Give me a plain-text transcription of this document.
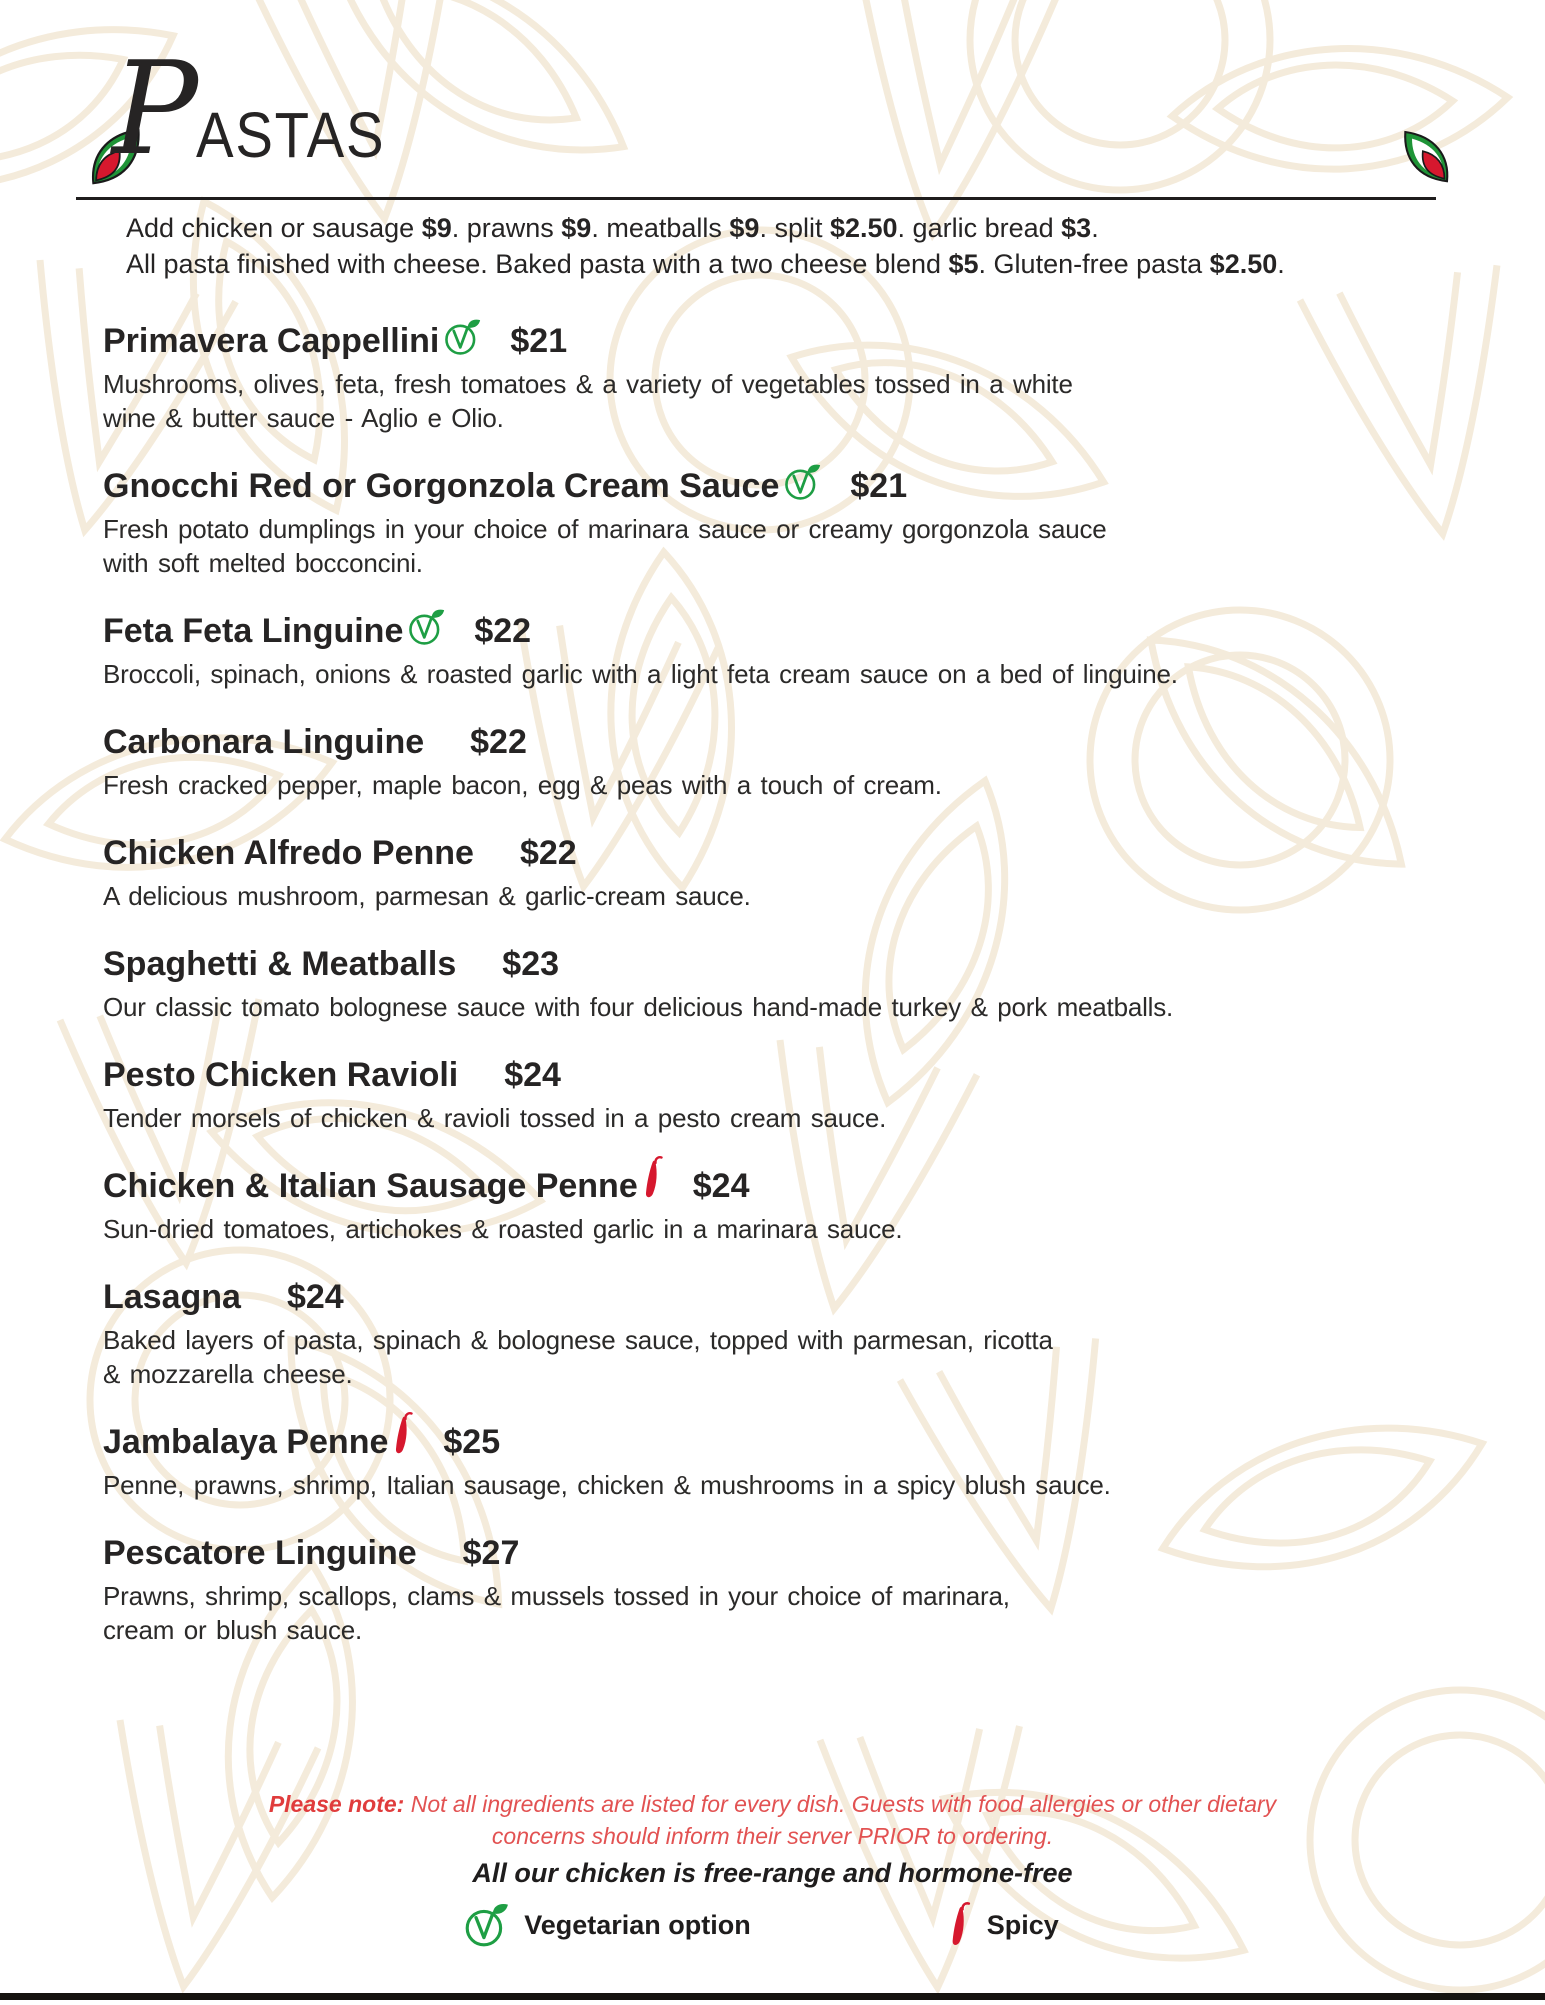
P
ASTAS
Add chicken or sausage $9. prawns $9. meatballs $9. split $2.50. garlic bread $3.
All pasta finished with cheese. Baked pasta with a two cheese blend $5. Gluten-free pasta $2.50.
Primavera Cappellini $21
Mushrooms, olives, feta, fresh tomatoes & a variety of vegetables tossed in a white
wine & butter sauce - Aglio e Olio.
Gnocchi Red or Gorgonzola Cream Sauce $21
Fresh potato dumplings in your choice of marinara sauce or creamy gorgonzola sauce
with soft melted bocconcini.
Feta Feta Linguine $22
Broccoli, spinach, onions & roasted garlic with a light feta cream sauce on a bed of linguine.
Carbonara Linguine $22
Fresh cracked pepper, maple bacon, egg & peas with a touch of cream.
Chicken Alfredo Penne $22
A delicious mushroom, parmesan & garlic-cream sauce.
Spaghetti & Meatballs $23
Our classic tomato bolognese sauce with four delicious hand-made turkey & pork meatballs.
Pesto Chicken Ravioli $24
Tender morsels of chicken & ravioli tossed in a pesto cream sauce.
Chicken & Italian Sausage Penne $24
Sun-dried tomatoes, artichokes & roasted garlic in a marinara sauce.
Lasagna $24
Baked layers of pasta, spinach & bolognese sauce, topped with parmesan, ricotta
& mozzarella cheese.
Jambalaya Penne $25
Penne, prawns, shrimp, Italian sausage, chicken & mushrooms in a spicy blush sauce.
Pescatore Linguine $27
Prawns, shrimp, scallops, clams & mussels tossed in your choice of marinara,
cream or blush sauce.
Please note: Not all ingredients are listed for every dish. Guests with food allergies or other dietary
concerns should inform their server PRIOR to ordering.
All our chicken is free-range and hormone-free
Vegetarian option	Spicy
